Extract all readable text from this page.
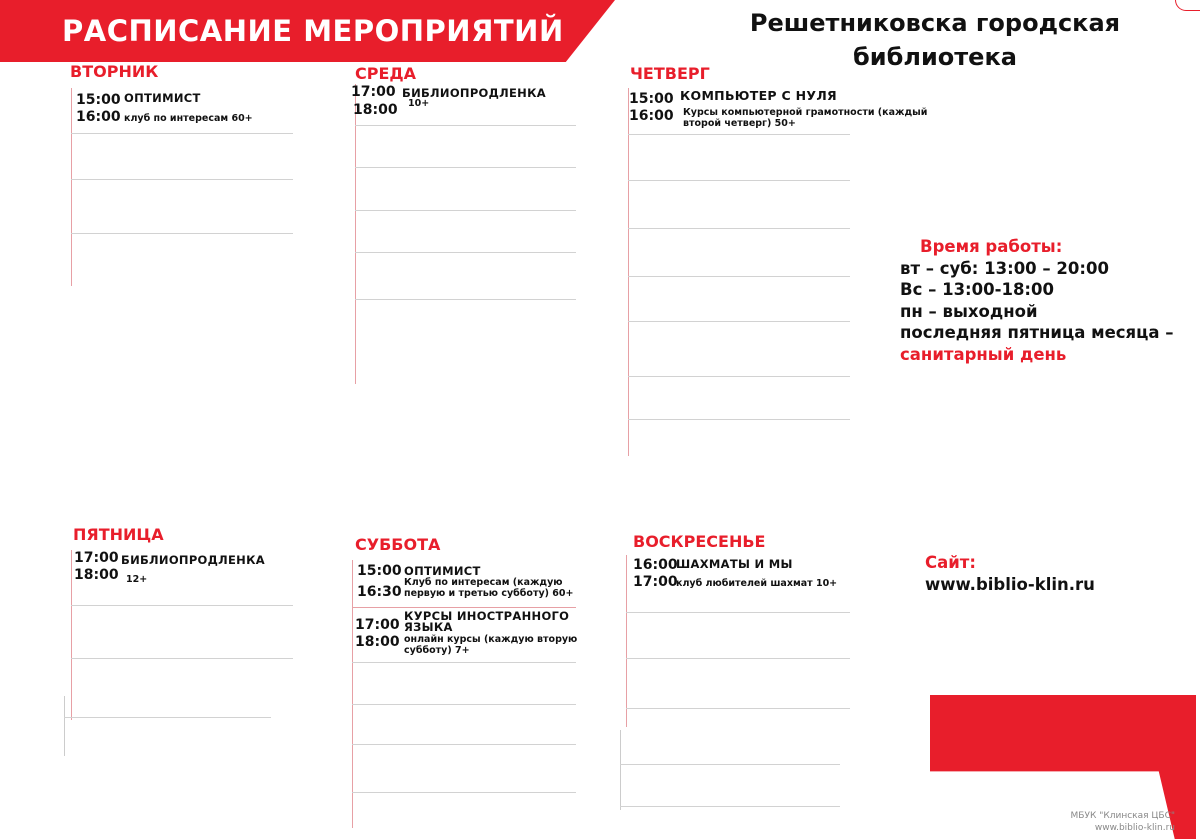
РАСПИСАНИЕ МЕРОПРИЯТИЙ	Решетниковска городская
библиотека
ВТОРНИК
15:00
16:00
ОПТИМИСТ
клуб по интересам 60+
СРЕДА
17:00
18:00
БИБЛИОПРОДЛЕНКА
10+
ЧЕТВЕРГ
15:00
16:00
КОМПЬЮТЕР С НУЛЯ
Курсы компьютерной грамотности (каждый
второй четверг) 50+
Время работы:
вт – суб: 13:00 – 20:00
Вс – 13:00-18:00
пн – выходной
последняя пятница месяца –
санитарный день
ПЯТНИЦА
17:00
18:00
БИБЛИОПРОДЛЕНКА
12+
СУББОТА
15:00
16:30
ОПТИМИСТ
Клуб по интересам (каждую
первую и третью субботу) 60+
17:00
18:00
КУРСЫ ИНОСТРАННОГО
ЯЗЫКА
онлайн курсы (каждую вторую
субботу) 7+
ВОСКРЕСЕНЬЕ
16:00
17:00
ШАХМАТЫ И МЫ
клуб любителей шахмат 10+
Сайт:
www.biblio-klin.ru
МБУК "Клинская ЦБС"
www.biblio-klin.ru
